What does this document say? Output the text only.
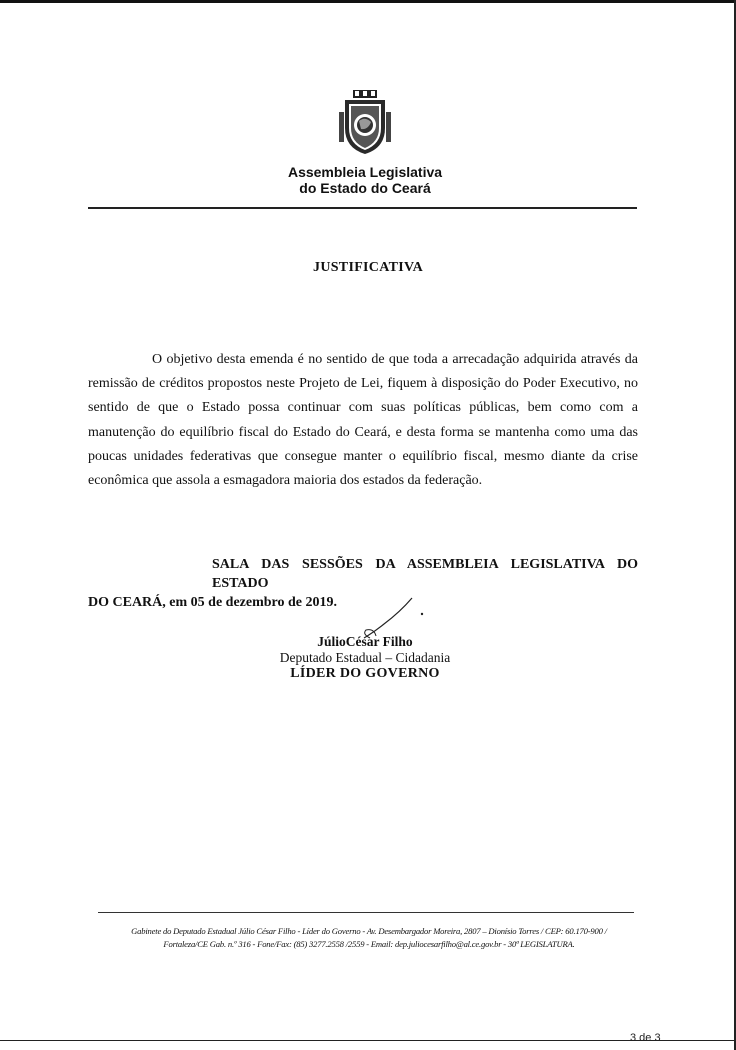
Assembleia Legislativa
do Estado do Ceará
JUSTIFICATIVA

O objetivo desta emenda é no sentido de que toda a arrecadação adquirida através da remissão de créditos propostos neste Projeto de Lei, fiquem à disposição do Poder Executivo, no sentido de que o Estado possa continuar com suas políticas públicas, bem como com a manutenção do equilíbrio fiscal do Estado do Ceará, e desta forma se mantenha como uma das poucas unidades federativas que consegue manter o equilíbrio fiscal, mesmo diante da crise econômica que assola a esmagadora maioria dos estados da federação.

SALA DAS SESSÕES DA ASSEMBLEIA LEGISLATIVA DO ESTADO
DO CEARÁ, em 05 de dezembro de 2019.
JúlioCésar Filho
Deputado Estadual – Cidadania
LÍDER DO GOVERNO
Gabinete do Deputado Estadual Júlio César Filho - Líder do Governo - Av. Desembargador Moreira, 2807 – Dionísio Torres / CEP: 60.170-900 /
Fortaleza/CE Gab. n.º 316 - Fone/Fax: (85) 3277.2558 /2559 - Email: dep.juliocesarfilho@al.ce.gov.br - 30ª LEGISLATURA.
3 de 3
